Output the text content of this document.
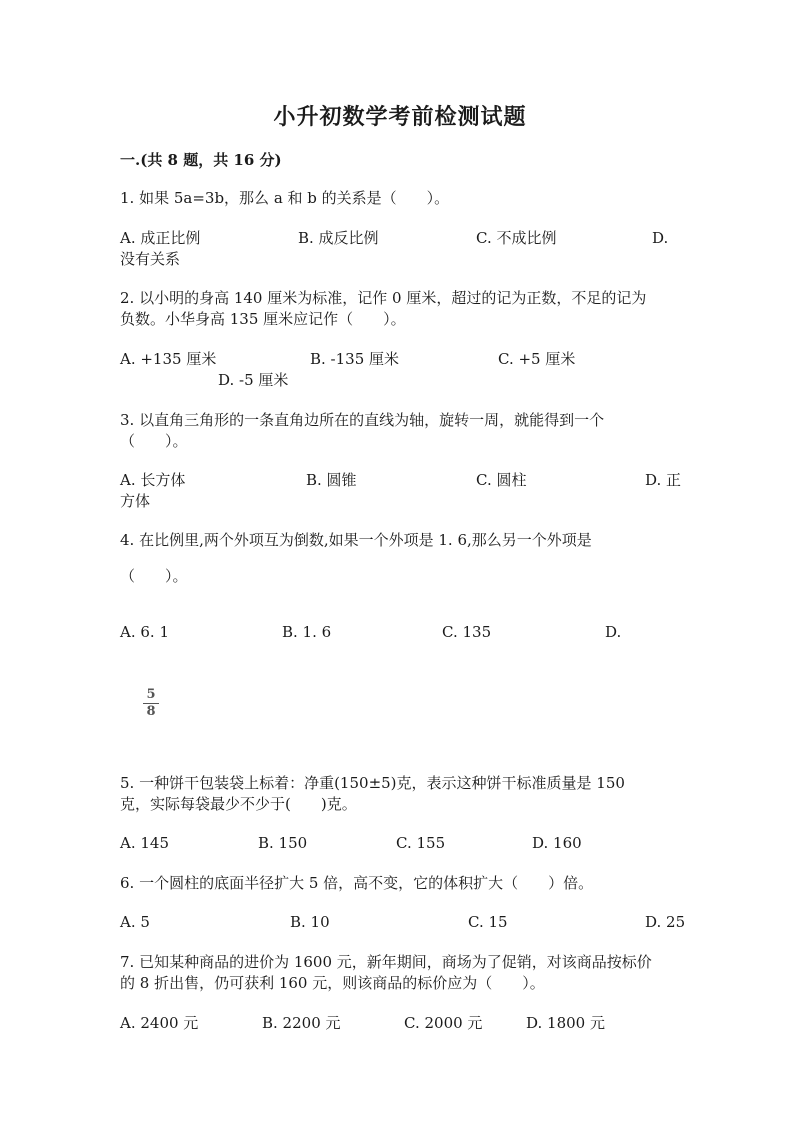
小升初数学考前检测试题
一.(共 8 题，共 16 分)
1. 如果 5a=3b，那么 a 和 b 的关系是（　　）。
A. 成正比例	B. 成反比例	C. 不成比例	D.
没有关系
2. 以小明的身高 140 厘米为标准，记作 0 厘米，超过的记为正数，不足的记为
负数。小华身高 135 厘米应记作（　　）。
A. +135 厘米	B. -135 厘米	C. +5 厘米
D. -5 厘米
3. 以直角三角形的一条直角边所在的直线为轴，旋转一周，就能得到一个
（　　）。
A. 长方体	B. 圆锥	C. 圆柱	D. 正
方体
4. 在比例里,两个外项互为倒数,如果一个外项是 1. 6,那么另一个外项是
（　　）。
A. 6. 1	B. 1. 6	C. 135	D.
5
8
5. 一种饼干包装袋上标着：净重(150±5)克，表示这种饼干标准质量是 150
克，实际每袋最少不少于(　　)克。
A. 145	B. 150	C. 155	D. 160
6. 一个圆柱的底面半径扩大 5 倍，高不变，它的体积扩大（　　）倍。
A. 5	B. 10	C. 15	D. 25
7. 已知某种商品的进价为 1600 元，新年期间，商场为了促销，对该商品按标价
的 8 折出售，仍可获利 160 元，则该商品的标价应为（　　）。
A. 2400 元	B. 2200 元	C. 2000 元	D. 1800 元
